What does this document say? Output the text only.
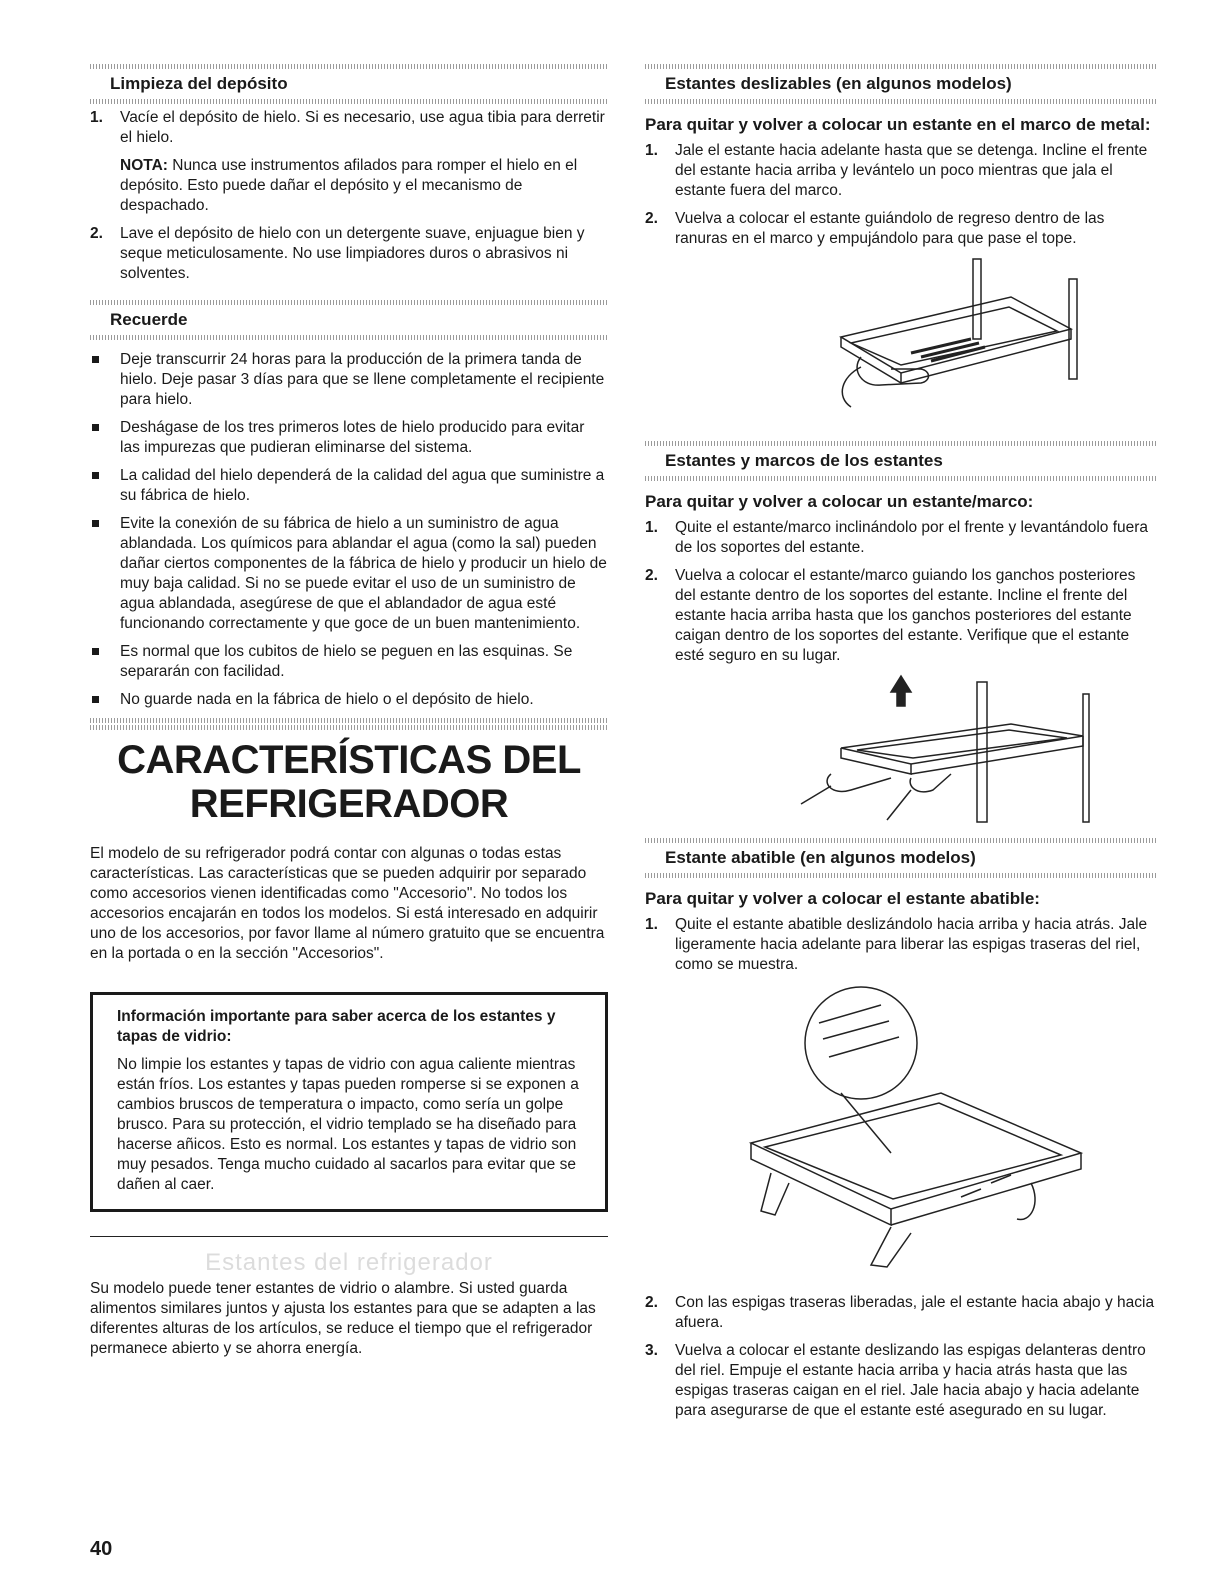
Limpieza del depósito
1. Vacíe el depósito de hielo. Si es necesario, use agua tibia para derretir el hielo.

NOTA: Nunca use instrumentos afilados para romper el hielo en el depósito. Esto puede dañar el depósito y el mecanismo de despachado.

2. Lave el depósito de hielo con un detergente suave, enjuague bien y seque meticulosamente. No use limpiadores duros o abrasivos ni solventes.

Recuerde
Deje transcurrir 24 horas para la producción de la primera tanda de hielo. Deje pasar 3 días para que se llene completamente el recipiente para hielo.
Deshágase de los tres primeros lotes de hielo producido para evitar las impurezas que pudieran eliminarse del sistema.
La calidad del hielo dependerá de la calidad del agua que suministre a su fábrica de hielo.
Evite la conexión de su fábrica de hielo a un suministro de agua ablandada. Los químicos para ablandar el agua (como la sal) pueden dañar ciertos componentes de la fábrica de hielo y producir un hielo de muy baja calidad. Si no se puede evitar el uso de un suministro de agua ablandada, asegúrese de que el ablandador de agua esté funcionando correctamente y que goce de un buen mantenimiento.
Es normal que los cubitos de hielo se peguen en las esquinas. Se separarán con facilidad.
No guarde nada en la fábrica de hielo o el depósito de hielo.
CARACTERÍSTICAS DEL
REFRIGERADOR

El modelo de su refrigerador podrá contar con algunas o todas estas características. Las características que se pueden adquirir por separado como accesorios vienen identificadas como "Accesorio". No todos los accesorios encajarán en todos los modelos. Si está interesado en adquirir uno de los accesorios, por favor llame al número gratuito que se encuentra en la portada o en la sección "Accesorios".

Información importante para saber acerca de los estantes y tapas de vidrio:

No limpie los estantes y tapas de vidrio con agua caliente mientras están fríos. Los estantes y tapas pueden romperse si se exponen a cambios bruscos de temperatura o impacto, como sería un golpe brusco. Para su protección, el vidrio templado se ha diseñado para hacerse añicos. Esto es normal. Los estantes y tapas de vidrio son muy pesados. Tenga mucho cuidado al sacarlos para evitar que se dañen al caer.

Estantes del refrigerador

Su modelo puede tener estantes de vidrio o alambre. Si usted guarda alimentos similares juntos y ajusta los estantes para que se adapten a las diferentes alturas de los artículos, se reduce el tiempo que el refrigerador permanece abierto y se ahorra energía.

Estantes deslizables (en algunos modelos)

Para quitar y volver a colocar un estante en el marco de metal:

1. Jale el estante hacia adelante hasta que se detenga. Incline el frente del estante hacia arriba y levántelo un poco mientras que jala el estante fuera del marco.

2. Vuelva a colocar el estante guiándolo de regreso dentro de las ranuras en el marco y empujándolo para que pase el tope.

Estantes y marcos de los estantes

Para quitar y volver a colocar un estante/marco:

1. Quite el estante/marco inclinándolo por el frente y levantándolo fuera de los soportes del estante.

2. Vuelva a colocar el estante/marco guiando los ganchos posteriores del estante dentro de los soportes del estante. Incline el frente del estante hacia arriba hasta que los ganchos posteriores del estante caigan dentro de los soportes del estante. Verifique que el estante esté seguro en su lugar.

Estante abatible (en algunos modelos)

Para quitar y volver a colocar el estante abatible:

1. Quite el estante abatible deslizándolo hacia arriba y hacia atrás. Jale ligeramente hacia adelante para liberar las espigas traseras del riel, como se muestra.

2. Con las espigas traseras liberadas, jale el estante hacia abajo y hacia afuera.

3. Vuelva a colocar el estante deslizando las espigas delanteras dentro del riel. Empuje el estante hacia arriba y hacia atrás hasta que las espigas traseras caigan en el riel. Jale hacia abajo y hacia adelante para asegurarse de que el estante esté asegurado en su lugar.

40
